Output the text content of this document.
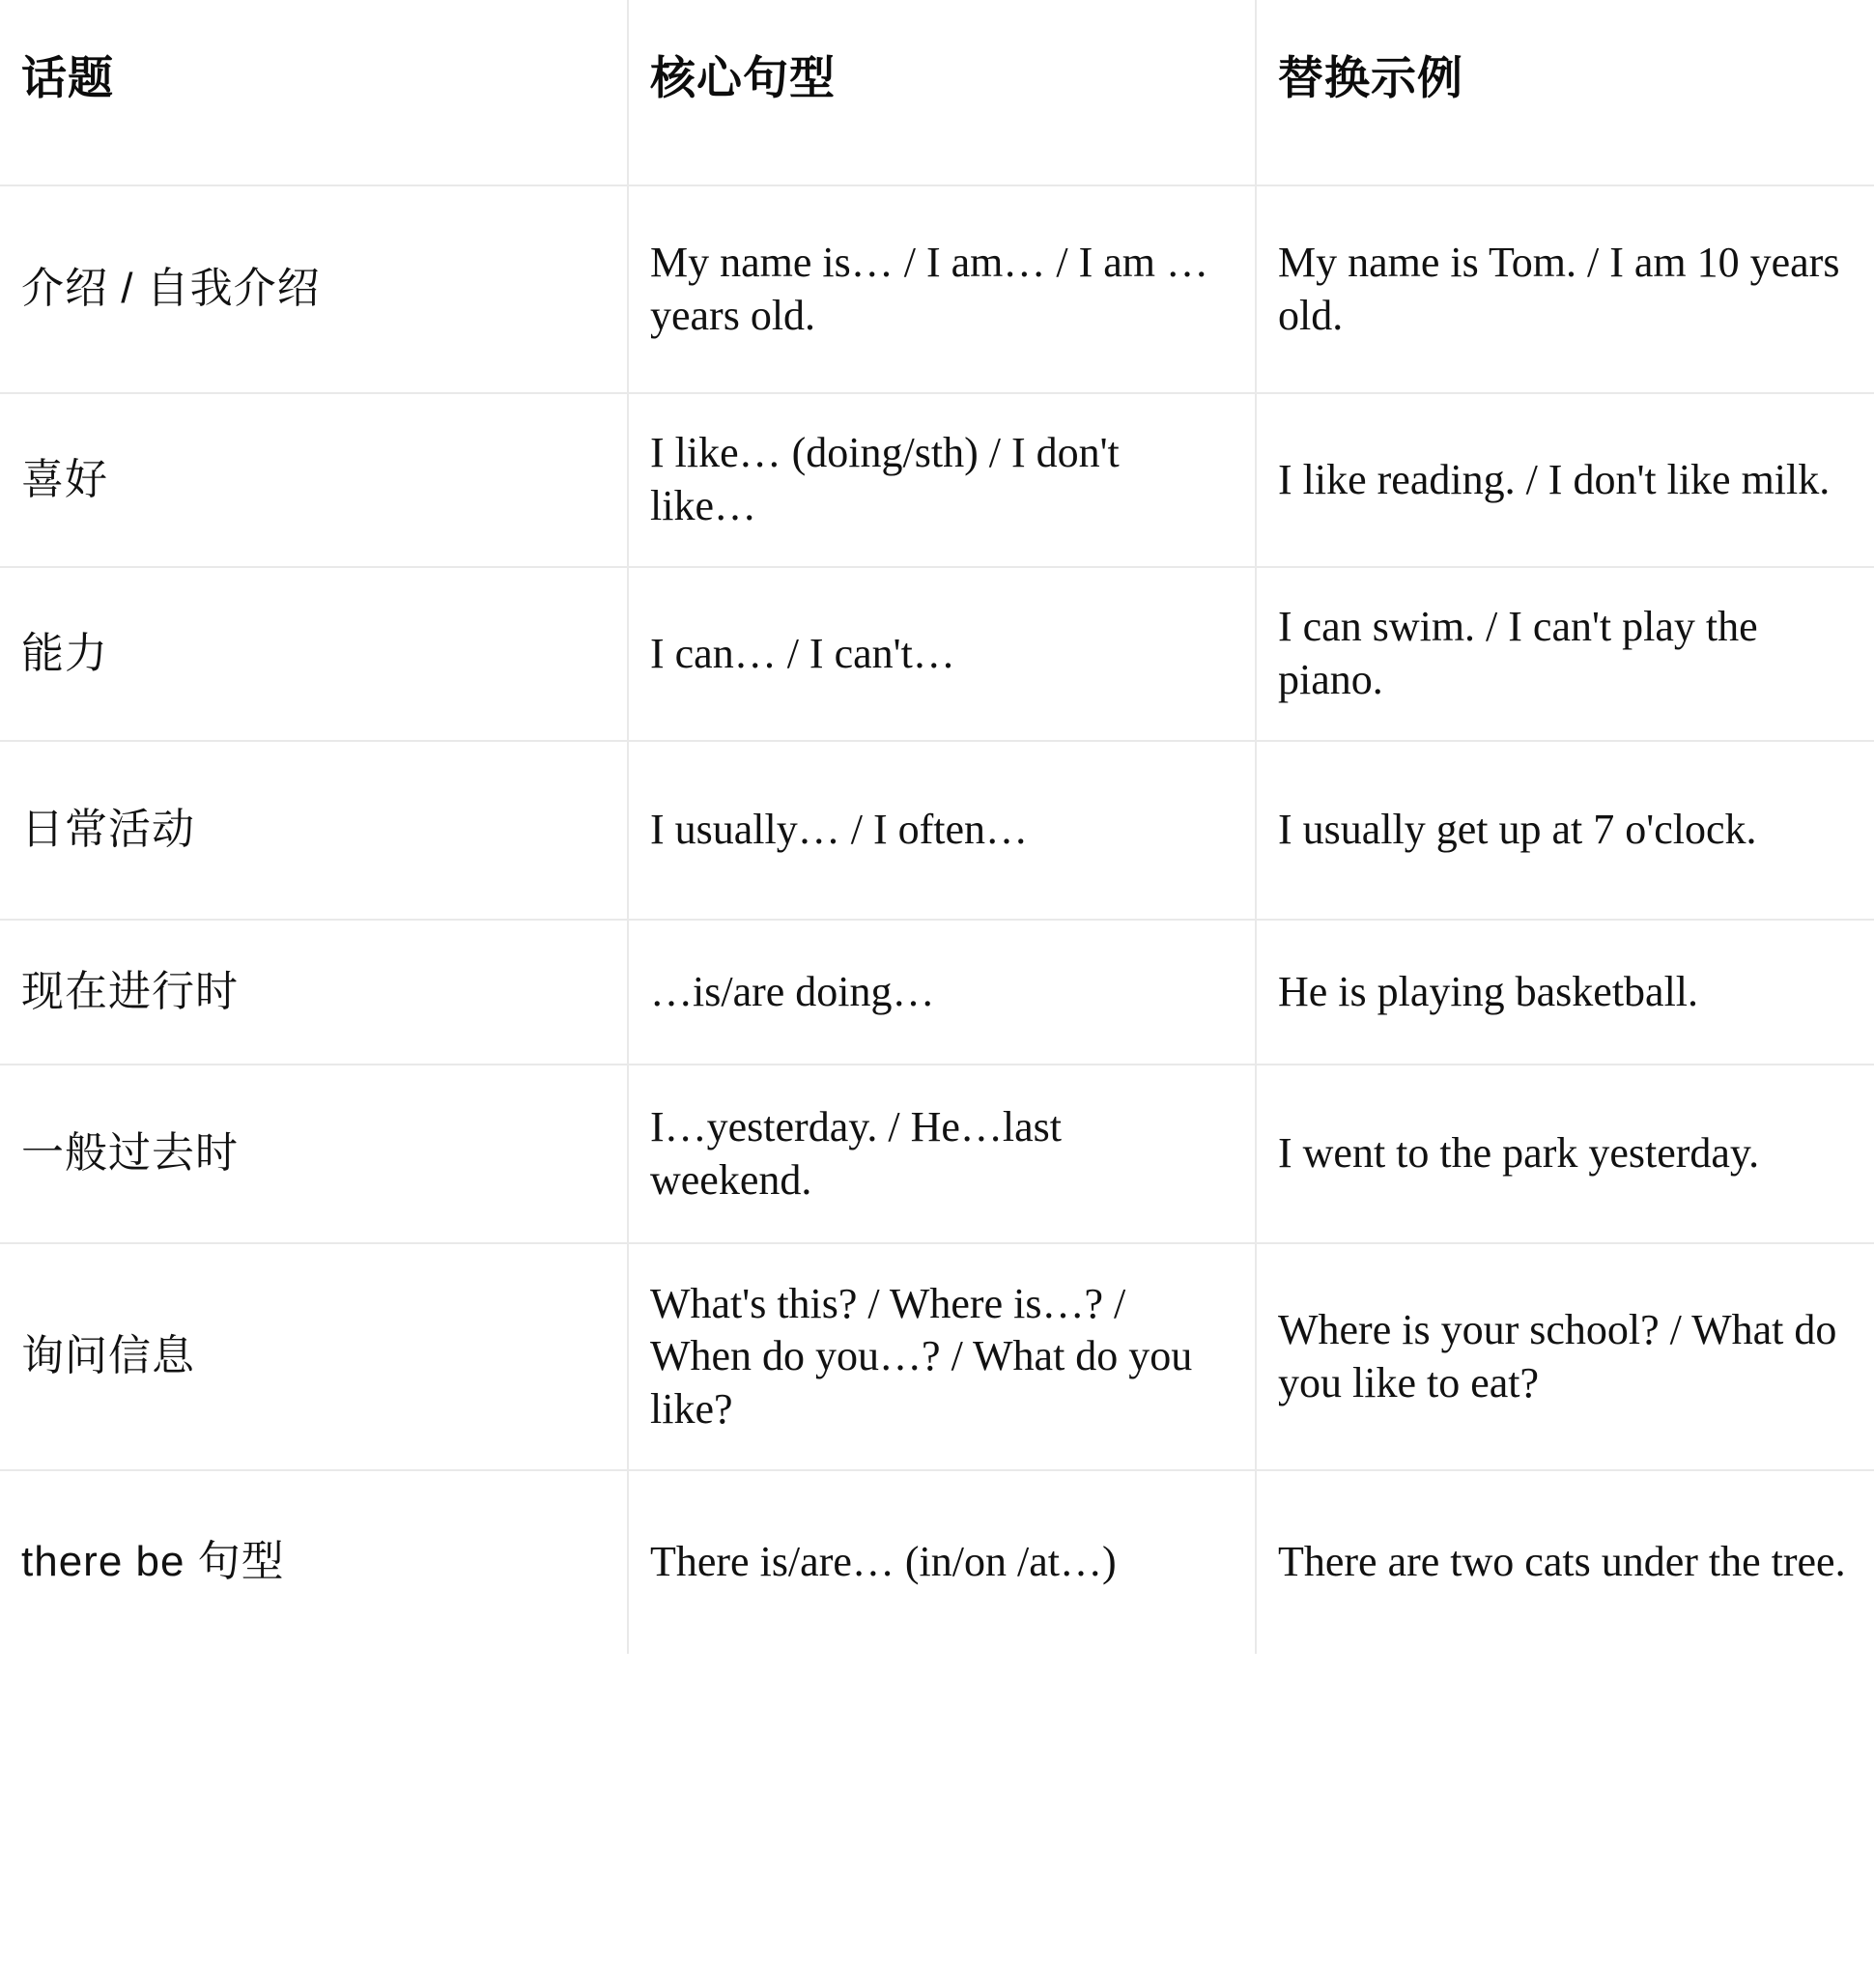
话题	核心句型	替换示例
介绍 / 自我介绍	My name is… / I am… / I am … years old.	My name is Tom. / I am 10 years old.
喜好	I like… (doing/sth) / I don't like…	I like reading. / I don't like milk.
能力	I can… / I can't…	I can swim. / I can't play the piano.
日常活动	I usually… / I often…	I usually get up at 7 o'clock.
现在进行时	…is/are doing…	He is playing basketball.
一般过去时	I…yesterday. / He…last weekend.	I went to the park yesterday.
询问信息	What's this? / Where is…? / When do you…? / What do you like?	Where is your school? / What do you like to eat?
there be 句型	There is/are… (in/on /at…)	There are two cats under the tree.
